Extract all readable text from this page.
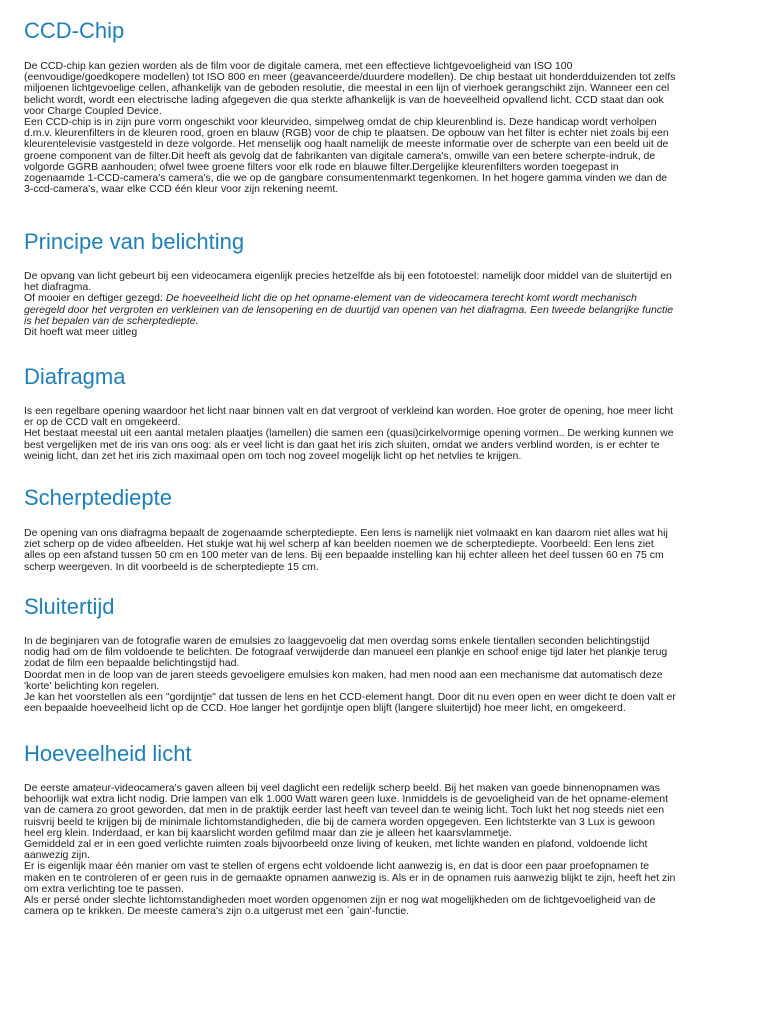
CCD-Chip
De CCD-chip kan gezien worden als de film voor de digitale camera, met een effectieve lichtgevoeligheid van ISO 100
(eenvoudige/goedkopere modellen) tot ISO 800 en meer (geavanceerde/duurdere modellen). De chip bestaat uit honderdduizenden tot zelfs
miljoenen lichtgevoelige cellen, afhankelijk van de geboden resolutie, die meestal in een lijn of vierhoek gerangschikt zijn. Wanneer een cel
belicht wordt, wordt een electrische lading afgegeven die qua sterkte afhankelijk is van de hoeveelheid opvallend licht. CCD staat dan ook
voor Charge Coupled Device.
Een CCD-chip is in zijn pure vorm ongeschikt voor kleurvideo, simpelweg omdat de chip kleurenblind is. Deze handicap wordt verholpen
d.m.v. kleurenfilters in de kleuren rood, groen en blauw (RGB) voor de chip te plaatsen. De opbouw van het filter is echter niet zoals bij een
kleurentelevisie vastgesteld in deze volgorde. Het menselijk oog haalt namelijk de meeste informatie over de scherpte van een beeld uit de
groene component van de filter.Dit heeft als gevolg dat de fabrikanten van digitale camera's, omwille van een betere scherpte-indruk, de
volgorde GGRB aanhouden; ofwel twee groene filters voor elk rode en blauwe filter.Dergelijke kleurenfilters worden toegepast in
zogenaamde 1-CCD-camera's camera's, die we op de gangbare consumentenmarkt tegenkomen. In het hogere gamma vinden we dan de
3-ccd-camera's, waar elke CCD één kleur voor zijn rekening neemt.
Principe van belichting
De opvang van licht gebeurt bij een videocamera eigenlijk precies hetzelfde als bij een fototoestel: namelijk door middel van de sluitertijd en
het diafragma.
Of mooier en deftiger gezegd: De hoeveelheid licht die op het opname-element van de videocamera terecht komt wordt mechanisch
geregeld door het vergroten en verkleinen van de lensopening en de duurtijd van openen van het diafragma. Een tweede belangrijke functie
is het bepalen van de scherptediepte.
Dit hoeft wat meer uitleg
Diafragma
Is een regelbare opening waardoor het licht naar binnen valt en dat vergroot of verkleind kan worden. Hoe groter de opening, hoe meer licht
er op de CCD valt en omgekeerd.
Het bestaat meestal uit een aantal metalen plaatjes (lamellen) die samen een (quasi)cirkelvormige opening vormen.. De werking kunnen we
best vergelijken met de iris van ons oog: als er veel licht is dan gaat het iris zich sluiten, omdat we anders verblind worden, is er echter te
weinig licht, dan zet het iris zich maximaal open om toch nog zoveel mogelijk licht op het netvlies te krijgen.
Scherptediepte
De opening van ons diafragma bepaalt de zogenaamde scherptediepte. Een lens is namelijk niet volmaakt en kan daarom niet alles wat hij
ziet scherp op de video afbeelden. Het stukje wat hij wel scherp af kan beelden noemen we de scherptediepte. Voorbeeld: Een lens ziet
alles op een afstand tussen 50 cm en 100 meter van de lens. Bij een bepaalde instelling kan hij echter alleen het deel tussen 60 en 75 cm
scherp weergeven. In dit voorbeeld is de scherptediepte 15 cm.
Sluitertijd
In de beginjaren van de fotografie waren de emulsies zo laaggevoelig dat men overdag soms enkele tientallen seconden belichtingstijd
nodig had om de film voldoende te belichten. De fotograaf verwijderde dan manueel een plankje en schoof enige tijd later het plankje terug
zodat de film een bepaalde belichtingstijd had.
Doordat men in de loop van de jaren steeds gevoeligere emulsies kon maken, had men nood aan een mechanisme dat automatisch deze
'korte' belichting kon regelen.
Je kan het voorstellen als een "gordijntje" dat tussen de lens en het CCD-element hangt. Door dit nu even open en weer dicht te doen valt er
een bepaalde hoeveelheid licht op de CCD. Hoe langer het gordijntje open blijft (langere sluitertijd) hoe meer licht, en omgekeerd.
Hoeveelheid licht
De eerste amateur-videocamera's gaven alleen bij veel daglicht een redelijk scherp beeld. Bij het maken van goede binnenopnamen was
behoorlijk wat extra licht nodig. Drie lampen van elk 1.000 Watt waren geen luxe. Inmiddels is de gevoeligheid van de het opname-element
van de camera zo groot geworden, dat men in de praktijk eerder last heeft van teveel dan te weinig licht. Toch lukt het nog steeds niet een
ruisvrij beeld te krijgen bij de minimale lichtomstandigheden, die bij de camera worden opgegeven. Een lichtsterkte van 3 Lux is gewoon
heel erg klein. Inderdaad, er kan bij kaarslicht worden gefilmd maar dan zie je alleen het kaarsvlammetje.
Gemiddeld zal er in een goed verlichte ruimten zoals bijvoorbeeld onze living of keuken, met lichte wanden en plafond, voldoende licht
aanwezig zijn.
Er is eigenlijk maar één manier om vast te stellen of ergens echt voldoende licht aanwezig is, en dat is door een paar proefopnamen te
maken en te controleren of er geen ruis in de gemaakte opnamen aanwezig is. Als er in de opnamen ruis aanwezig blijkt te zijn, heeft het zin
om extra verlichting toe te passen.
Als er persé onder slechte lichtomstandigheden moet worden opgenomen zijn er nog wat mogelijkheden om de lichtgevoeligheid van de
camera op te krikken. De meeste camera's zijn o.a uitgerust met een `gain'-functie.
